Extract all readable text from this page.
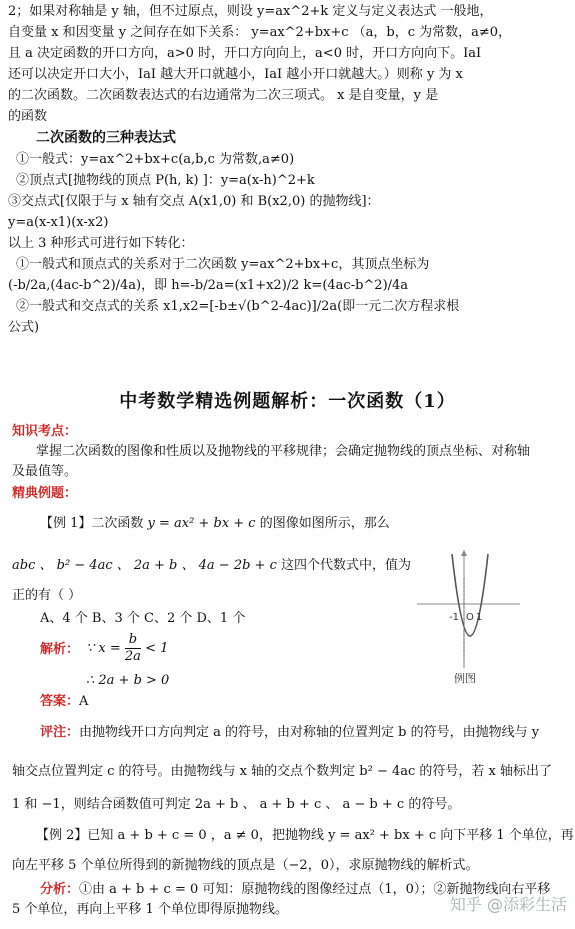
2；如果对称轴是 y 轴，但不过原点，则设 y=ax^2+k 定义与定义表达式 一般地，
自变量 x 和因变量 y 之间存在如下关系： y=ax^2+bx+c （a，b，c 为常数，a≠0，
且 a 决定函数的开口方向，a>0 时，开口方向向上，a<0 时，开口方向向下。IaI
还可以决定开口大小，IaI 越大开口就越小，IaI 越小开口就越大。）则称 y 为 x
的二次函数。二次函数表达式的右边通常为二次三项式。 x 是自变量，y 是
的函数
二次函数的三种表达式
①一般式：y=ax^2+bx+c(a,b,c 为常数,a≠0)
②顶点式[抛物线的顶点 P(h, k) ]：y=a(x-h)^2+k
③交点式[仅限于与 x 轴有交点 A(x1,0) 和 B(x2,0) 的抛物线]：
y=a(x-x1)(x-x2)
以上 3 种形式可进行如下转化：
①一般式和顶点式的关系对于二次函数 y=ax^2+bx+c，其顶点坐标为
(-b/2a,(4ac-b^2)/4a)，即 h=-b/2a=(x1+x2)/2 k=(4ac-b^2)/4a
②一般式和交点式的关系 x1,x2=[-b±√(b^2-4ac)]/2a(即一元二次方程求根
公式)
中考数学精选例题解析：一次函数（1）
知识考点：
掌握二次函数的图像和性质以及抛物线的平移规律；会确定抛物线的顶点坐标、对称轴
及最值等。
精典例题：
【例 1】二次函数 y = ax² + bx + c 的图像如图所示，那么
abc 、 b² − 4ac 、 2a + b 、 4a − 2b + c 这四个代数式中，值为
正的有（ ）
A、4 个 B、3 个 C、2 个 D、1 个
解析： ∵ $x = \frac{b}{2a} < 1$
∴ 2a + b > 0
答案：A
-1 O 1
例图
评注：由抛物线开口方向判定 a 的符号，由对称轴的位置判定 b 的符号，由抛物线与 y
轴交点位置判定 c 的符号。由抛物线与 x 轴的交点个数判定 b² − 4ac 的符号，若 x 轴标出了
1 和 −1，则结合函数值可判定 2a + b 、 a + b + c 、 a − b + c 的符号。
【例 2】已知 a + b + c = 0 ，a ≠ 0，把抛物线 y = ax² + bx + c 向下平移 1 个单位，再
向左平移 5 个单位所得到的新抛物线的顶点是（−2，0），求原抛物线的解析式。
分析：①由 a + b + c = 0 可知：原抛物线的图像经过点（1，0）；②新抛物线向右平移
5 个单位，再向上平移 1 个单位即得原抛物线。	知乎 @添彩生活
